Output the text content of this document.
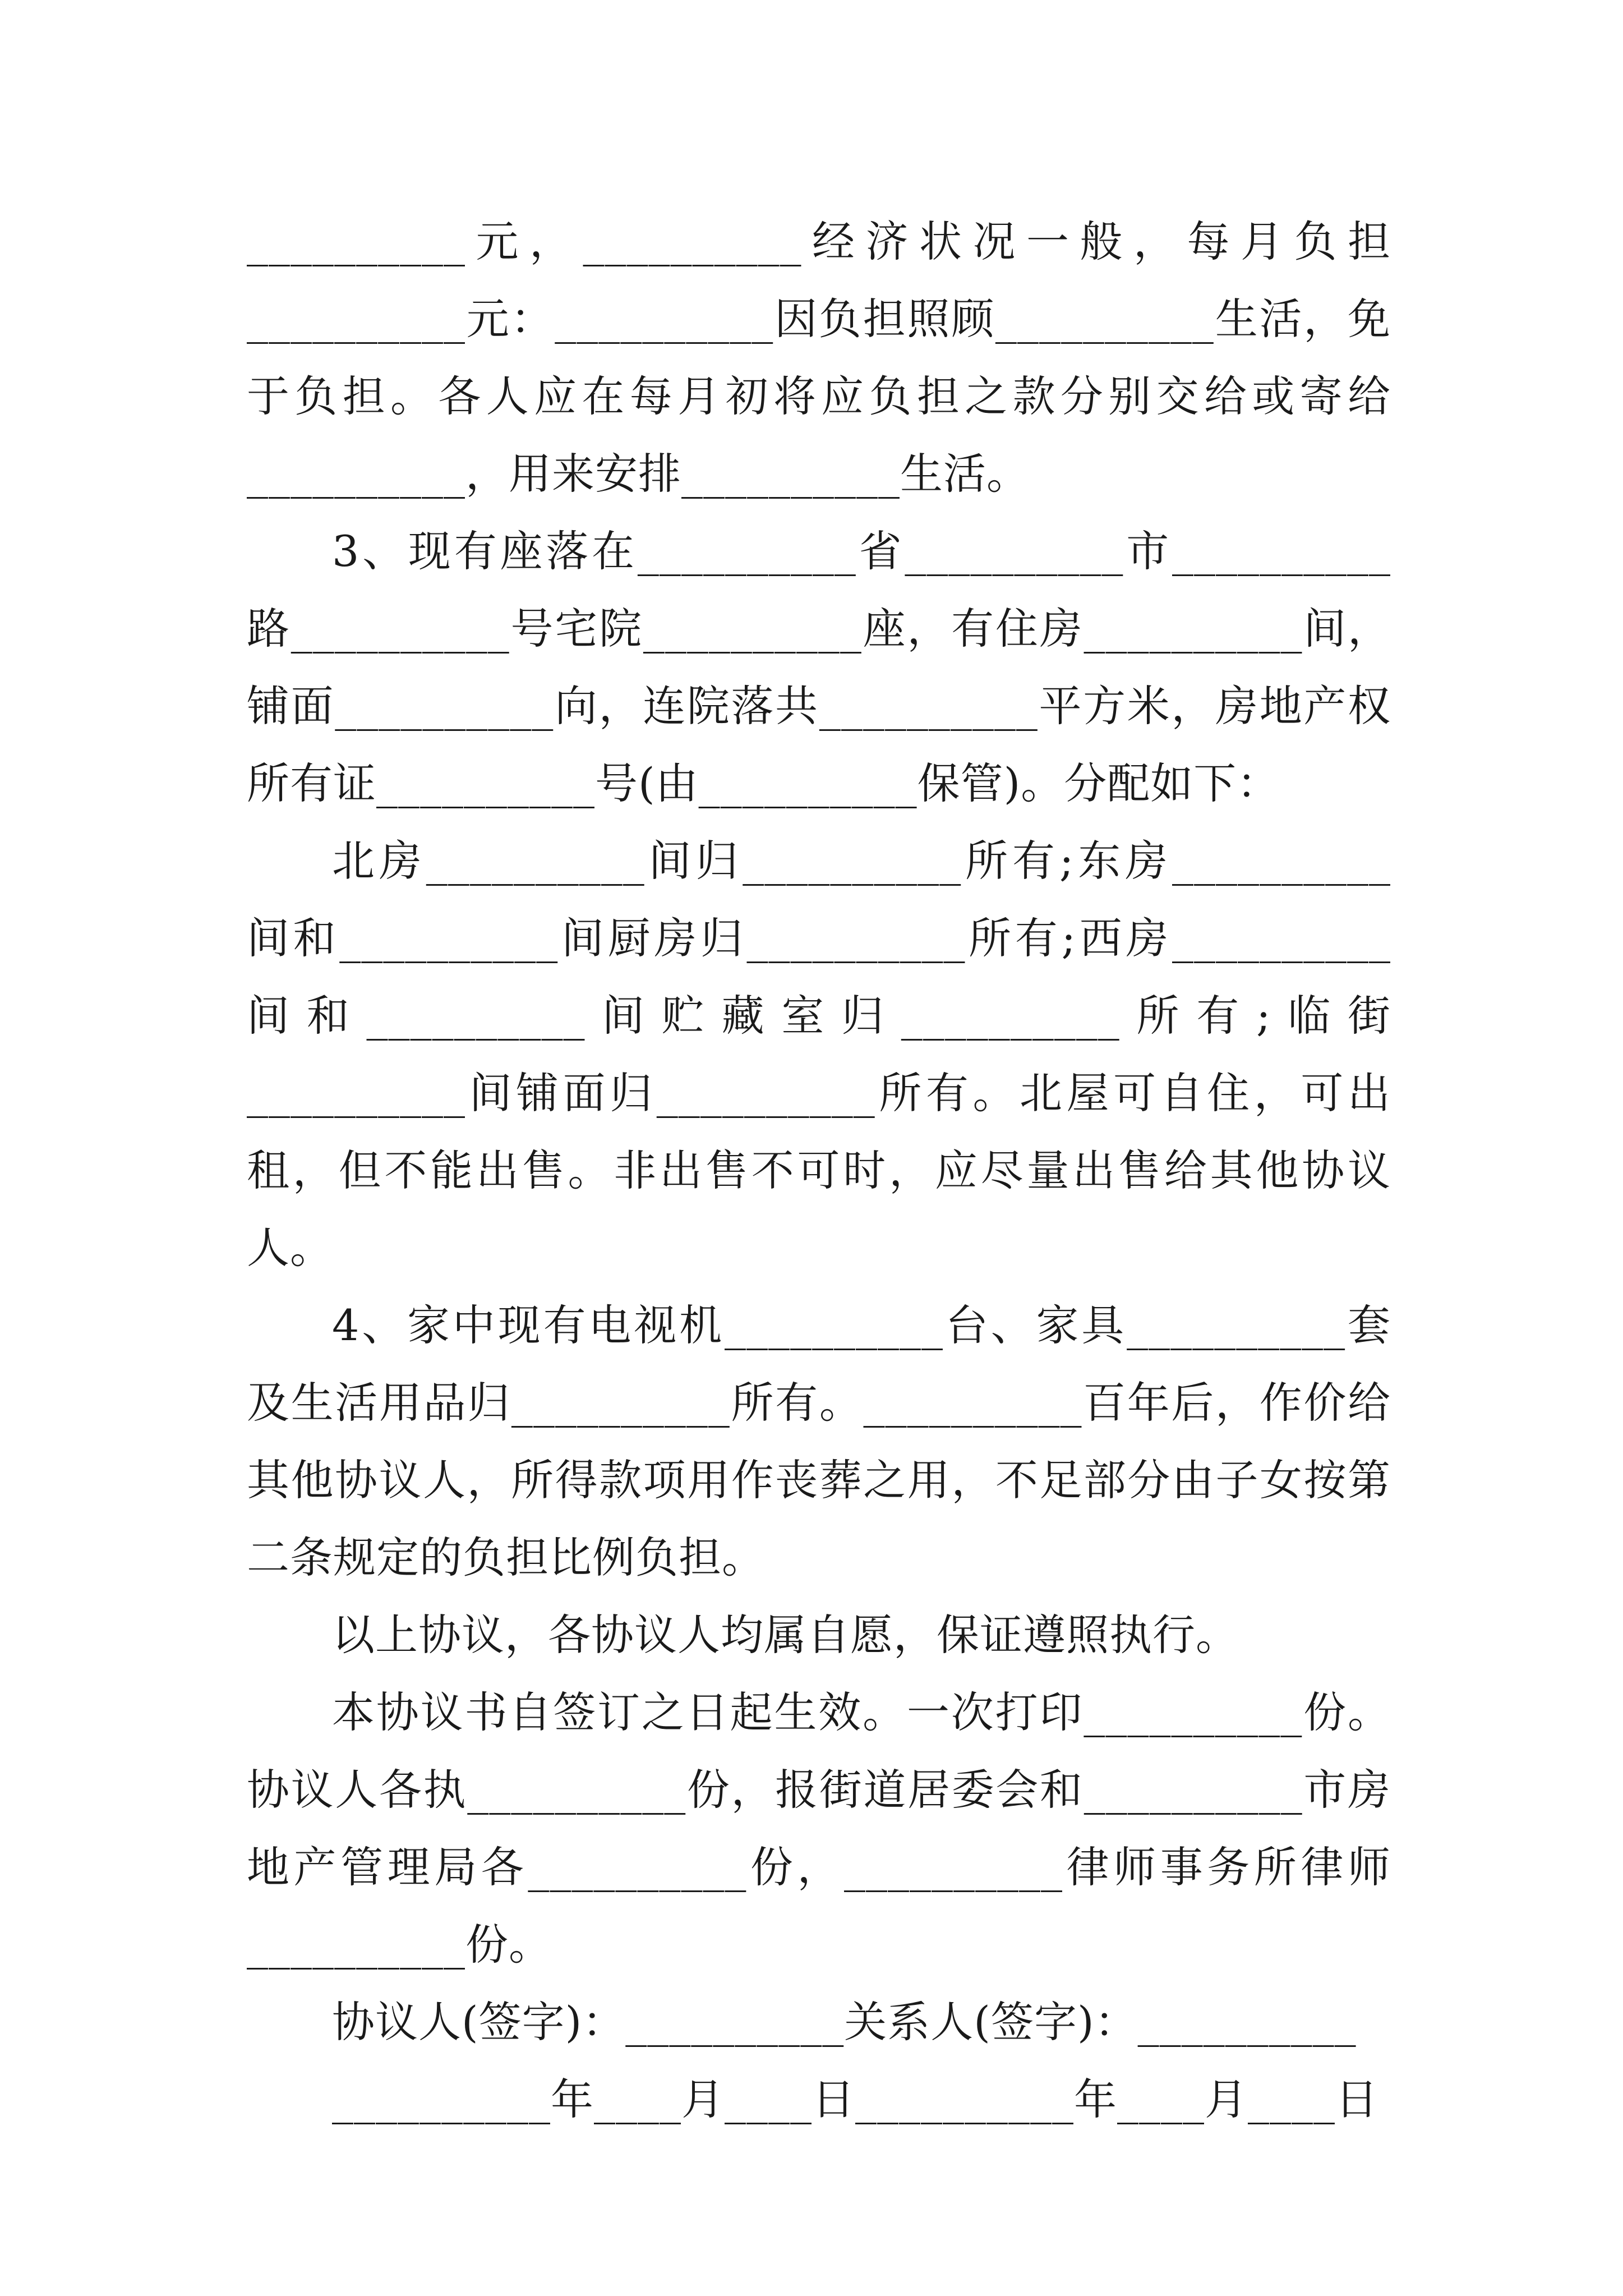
__________元，__________经济状况一般，每月负担__________元：__________因负担照顾__________生活，免于负担。各人应在每月初将应负担之款分别交给或寄给__________，用来安排__________生活。

3、现有座落在__________省__________市__________路__________号宅院__________座，有住房__________间，铺面__________向，连院落共__________平方米，房地产权所有证__________号(由__________保管)。分配如下：

北房__________间归__________所有;东房__________间和__________间厨房归__________所有;西房__________间和__________间贮藏室归__________所有;临街__________间铺面归__________所有。北屋可自住，可出租，但不能出售。非出售不可时，应尽量出售给其他协议人。

4、家中现有电视机__________台、家具__________套及生活用品归__________所有。__________百年后，作价给其他协议人，所得款项用作丧葬之用，不足部分由子女按第二条规定的负担比例负担。

以上协议，各协议人均属自愿，保证遵照执行。

本协议书自签订之日起生效。一次打印__________份。协议人各执__________份，报街道居委会和__________市房地产管理局各__________份，__________律师事务所律师__________份。

协议人(签字)：__________关系人(签字)：__________

__________年____月____日__________年____月____日
